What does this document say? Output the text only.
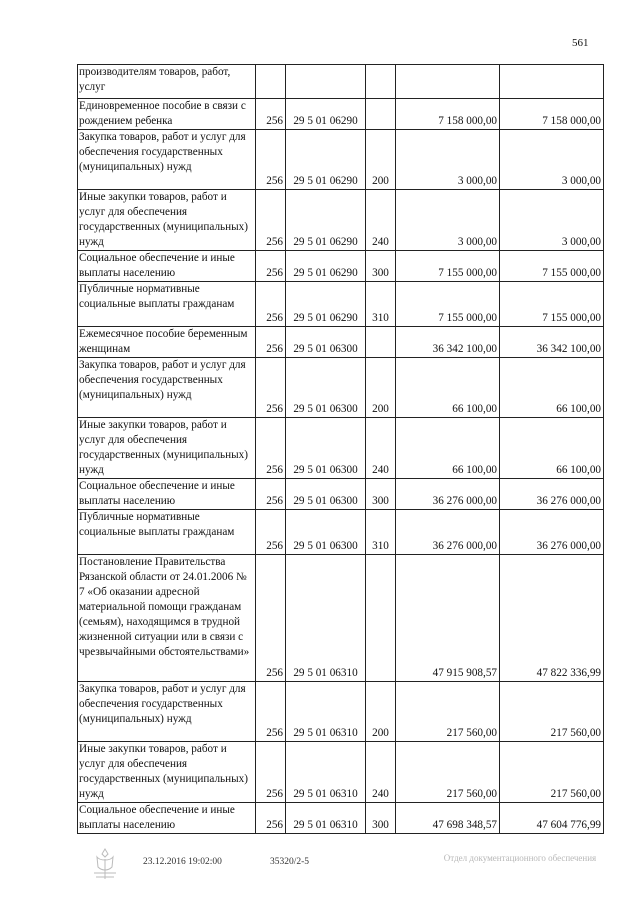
561
производителям товаров, работ, услуг					
Единовременное пособие в связи с рождением ребенка	256	29 5 01 06290		7 158 000,00	7 158 000,00
Закупка товаров, работ и услуг для обеспечения государственных (муниципальных) нужд	256	29 5 01 06290	200	3 000,00	3 000,00
Иные закупки товаров, работ и услуг для обеспечения государственных (муниципальных) нужд	256	29 5 01 06290	240	3 000,00	3 000,00
Социальное обеспечение и иные выплаты населению	256	29 5 01 06290	300	7 155 000,00	7 155 000,00
Публичные нормативные социальные выплаты гражданам	256	29 5 01 06290	310	7 155 000,00	7 155 000,00
Ежемесячное пособие беременным женщинам	256	29 5 01 06300		36 342 100,00	36 342 100,00
Закупка товаров, работ и услуг для обеспечения государственных (муниципальных) нужд	256	29 5 01 06300	200	66 100,00	66 100,00
Иные закупки товаров, работ и услуг для обеспечения государственных (муниципальных) нужд	256	29 5 01 06300	240	66 100,00	66 100,00
Социальное обеспечение и иные выплаты населению	256	29 5 01 06300	300	36 276 000,00	36 276 000,00
Публичные нормативные социальные выплаты гражданам	256	29 5 01 06300	310	36 276 000,00	36 276 000,00
Постановление Правительства Рязанской области от 24.01.2006 № 7 «Об оказании адресной материальной помощи гражданам (семьям), находящимся в трудной жизненной ситуации или в связи с чрезвычайными обстоятельствами»	256	29 5 01 06310		47 915 908,57	47 822 336,99
Закупка товаров, работ и услуг для обеспечения государственных (муниципальных) нужд	256	29 5 01 06310	200	217 560,00	217 560,00
Иные закупки товаров, работ и услуг для обеспечения государственных (муниципальных) нужд	256	29 5 01 06310	240	217 560,00	217 560,00
Социальное обеспечение и иные выплаты населению	256	29 5 01 06310	300	47 698 348,57	47 604 776,99
23.12.2016 19:02:00	35320/2-5	Отдел документационного обеспечения
